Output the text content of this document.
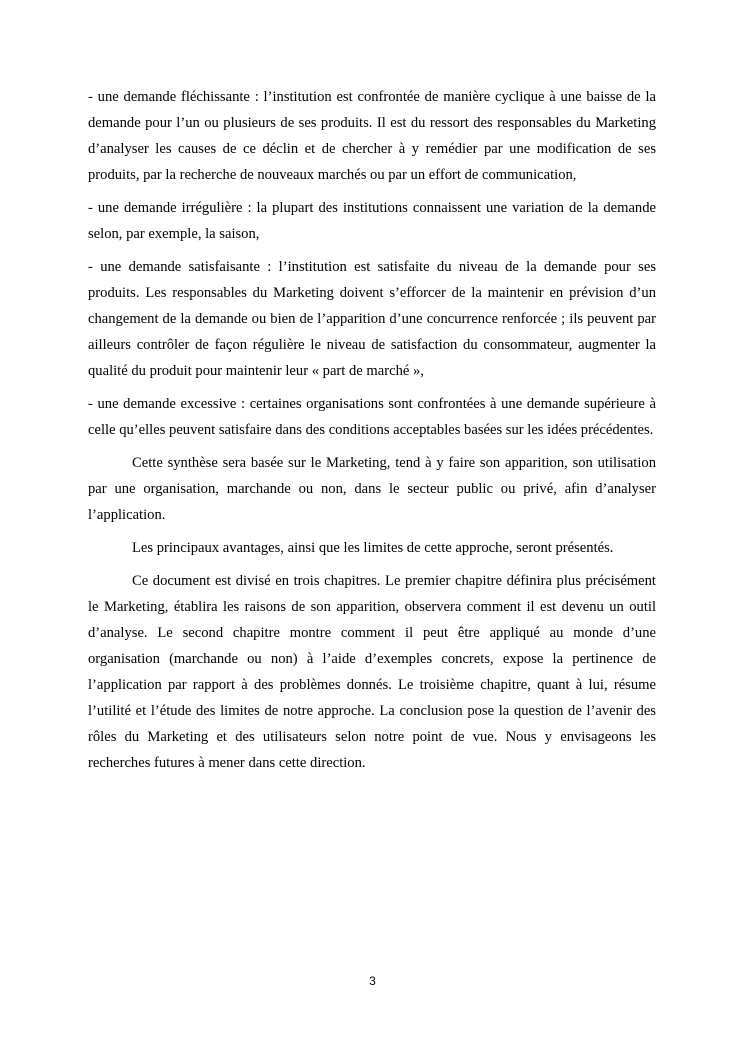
- une demande fléchissante : l’institution est confrontée de manière cyclique à une baisse de la demande pour l’un ou plusieurs de ses produits. Il est du ressort des responsables du Marketing d’analyser les causes de ce déclin et de chercher à y remédier par une modification de ses produits, par la recherche de nouveaux marchés ou par un effort de communication,

- une demande irrégulière : la plupart des institutions connaissent une variation de la demande selon, par exemple, la saison,

- une demande satisfaisante : l’institution est satisfaite du niveau de la demande pour ses produits. Les responsables du Marketing doivent s’efforcer de la maintenir en prévision d’un changement de la demande ou bien de l’apparition d’une concurrence renforcée ; ils peuvent par ailleurs contrôler de façon régulière le niveau de satisfaction du consommateur, augmenter la qualité du produit pour maintenir leur « part de marché »,

- une demande excessive : certaines organisations sont confrontées à une demande supérieure à celle qu’elles peuvent satisfaire dans des conditions acceptables basées sur les idées précédentes.

Cette synthèse sera basée sur le Marketing, tend à y faire son apparition, son utilisation par une organisation, marchande ou non, dans le secteur public ou privé, afin d’analyser l’application.

Les principaux avantages, ainsi que les limites de cette approche, seront présentés.

Ce document est divisé en trois chapitres. Le premier chapitre définira plus précisément le Marketing, établira les raisons de son apparition, observera comment il est devenu un outil d’analyse. Le second chapitre montre comment il peut être appliqué au monde d’une organisation (marchande ou non) à l’aide d’exemples concrets, expose la pertinence de l’application par rapport à des problèmes donnés. Le troisième chapitre, quant à lui, résume l’utilité et l’étude des limites de notre approche. La conclusion pose la question de l’avenir des rôles du Marketing et des utilisateurs selon notre point de vue. Nous y envisageons les recherches futures à mener dans cette direction.

3
